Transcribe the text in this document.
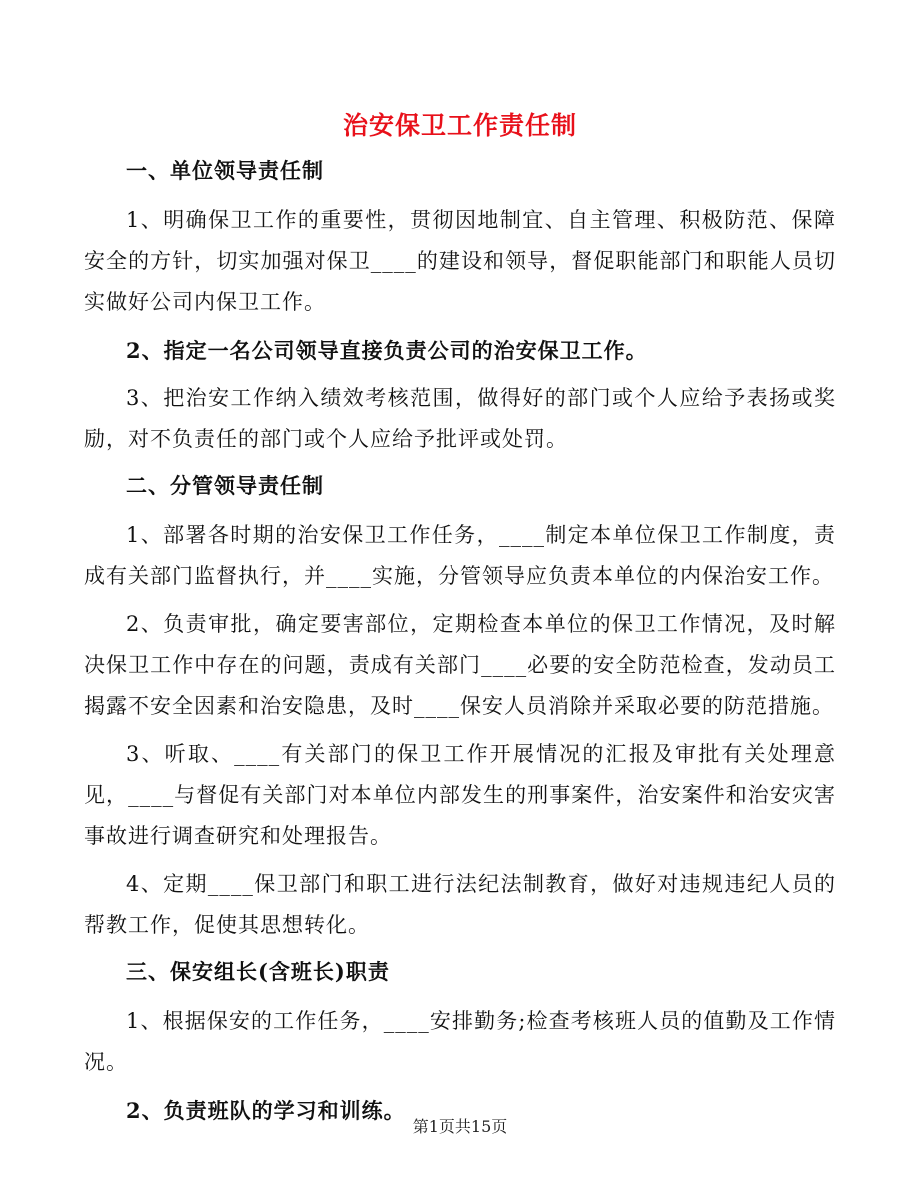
治安保卫工作责任制
一、单位领导责任制

1、明确保卫工作的重要性，贯彻因地制宜、自主管理、积极防范、保障安全的方针，切实加强对保卫____的建设和领导，督促职能部门和职能人员切实做好公司内保卫工作。

2、指定一名公司领导直接负责公司的治安保卫工作。

3、把治安工作纳入绩效考核范围，做得好的部门或个人应给予表扬或奖励，对不负责任的部门或个人应给予批评或处罚。

二、分管领导责任制

1、部署各时期的治安保卫工作任务，____制定本单位保卫工作制度，责成有关部门监督执行，并____实施，分管领导应负责本单位的内保治安工作。

2、负责审批，确定要害部位，定期检查本单位的保卫工作情况，及时解决保卫工作中存在的问题，责成有关部门____必要的安全防范检查，发动员工揭露不安全因素和治安隐患，及时____保安人员消除并采取必要的防范措施。

3、听取、____有关部门的保卫工作开展情况的汇报及审批有关处理意见，____与督促有关部门对本单位内部发生的刑事案件，治安案件和治安灾害事故进行调查研究和处理报告。

4、定期____保卫部门和职工进行法纪法制教育，做好对违规违纪人员的帮教工作，促使其思想转化。

三、保安组长(含班长)职责

1、根据保安的工作任务，____安排勤务;检查考核班人员的值勤及工作情况。

2、负责班队的学习和训练。

第1页共15页
